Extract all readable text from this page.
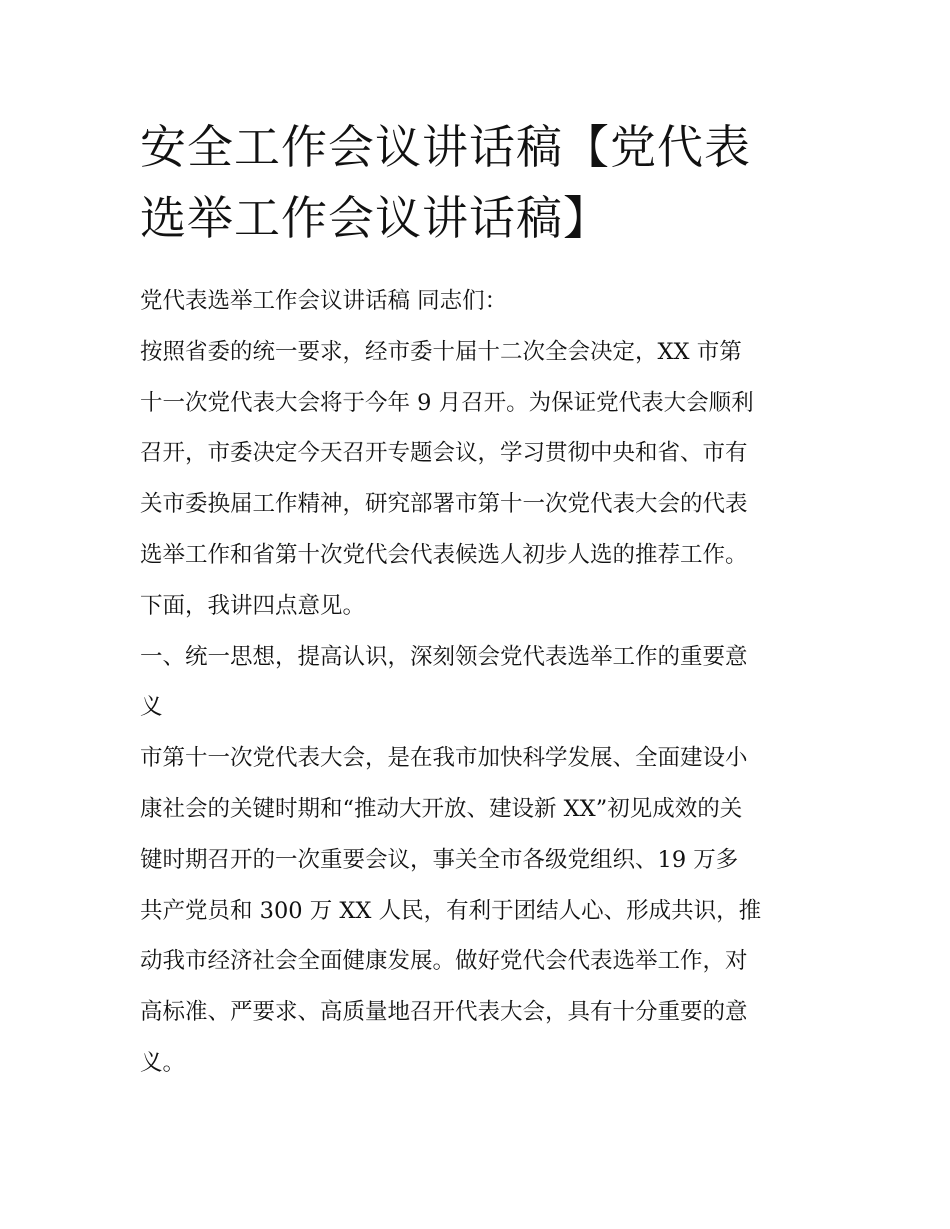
安全工作会议讲话稿【党代表
选举工作会议讲话稿】
党代表选举工作会议讲话稿 同志们：
按照省委的统一要求，经市委十届十二次全会决定，XX 市第
十一次党代表大会将于今年 9 月召开。为保证党代表大会顺利
召开，市委决定今天召开专题会议，学习贯彻中央和省、市有
关市委换届工作精神，研究部署市第十一次党代表大会的代表
选举工作和省第十次党代会代表候选人初步人选的推荐工作。
下面，我讲四点意见。
一、统一思想，提高认识，深刻领会党代表选举工作的重要意
义
市第十一次党代表大会，是在我市加快科学发展、全面建设小
康社会的关键时期和“推动大开放、建设新 XX”初见成效的关
键时期召开的一次重要会议，事关全市各级党组织、19 万多
共产党员和 300 万 XX 人民，有利于团结人心、形成共识，推
动我市经济社会全面健康发展。做好党代会代表选举工作，对
高标准、严要求、高质量地召开代表大会，具有十分重要的意
义。
